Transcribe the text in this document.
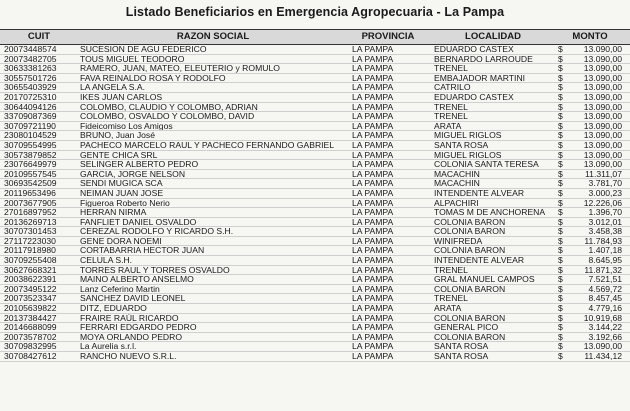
Listado Beneficiarios en Emergencia Agropecuaria - La Pampa
CUIT	RAZON SOCIAL	PROVINCIA	LOCALIDAD	MONTO
20073448574	SUCESION DE AGU FEDERICO	LA PAMPA	EDUARDO CASTEX	$ 13.090,00
20073482705	TOUS MIGUEL TEODORO	LA PAMPA	BERNARDO LARROUDE	$ 13.090,00
30633381263	RAMERO, JUAN, MATEO, ELEUTERIO y ROMULO	LA PAMPA	TRENEL	$ 13.090,00
30557501726	FAVA REINALDO ROSA Y RODOLFO	LA PAMPA	EMBAJADOR MARTINI	$ 13.090,00
30655403929	LA ANGELA S.A.	LA PAMPA	CATRILO	$ 13.090,00
20170725310	IKES JUAN CARLOS	LA PAMPA	EDUARDO CASTEX	$ 13.090,00
30644094126	COLOMBO, CLAUDIO Y COLOMBO, ADRIAN	LA PAMPA	TRENEL	$ 13.090,00
33709087369	COLOMBO, OSVALDO Y COLOMBO, DAVID	LA PAMPA	TRENEL	$ 13.090,00
30709721190	Fideicomiso Los Amigos	LA PAMPA	ARATA	$ 13.090,00
23080104529	BRUNO, Juan José	LA PAMPA	MIGUEL RIGLOS	$ 13.090,00
30709554995	PACHECO MARCELO RAUL Y PACHECO FERNANDO GABRIEL	LA PAMPA	SANTA ROSA	$ 13.090,00
30573879852	GENTE CHICA SRL	LA PAMPA	MIGUEL RIGLOS	$ 13.090,00
23076649979	SELINGER ALBERTO PEDRO	LA PAMPA	COLONIA SANTA TERESA	$ 13.090,00
20109557545	GARCIA, JORGE NELSON	LA PAMPA	MACACHIN	$	11.311,07
30693542509	SENDI MUGICA SCA	LA PAMPA	MACACHIN	$	3.781,70
20119653496	NEIMAN JUAN JOSE	LA PAMPA	INTENDENTE ALVEAR	$	3.000,23
20073677905	Figueroa Roberto Nerio	LA PAMPA	ALPACHIRI	$ 12.226,06
27016897952	HERRAN NIRMA	LA PAMPA	TOMAS M DE ANCHORENA	$	1.396,70
20136269713	FANFLIET DANIEL OSVALDO	LA PAMPA	COLONIA BARON	$	3.012,01
30707301453	CEREZAL RODOLFO Y RICARDO S.H.	LA PAMPA	COLONIA BARON	$	3.458,38
27117223030	GENE DORA NOEMI	LA PAMPA	WINIFREDA	$	11.784,93
20117918980	CORTABARRIA HECTOR JUAN	LA PAMPA	COLONIA BARON	$	1.407,18
30709255408	CELULA S.H.	LA PAMPA	INTENDENTE ALVEAR	$	8.645,95
30627668321	TORRES RAUL Y TORRES OSVALDO	LA PAMPA	TRENEL	$	11.871,32
20038622391	MAINO ALBERTO ANSELMO	LA PAMPA	GRAL MANUEL CAMPOS	$	7.521,51
20073495122	Lanz Ceferino Martin	LA PAMPA	COLONIA BARON	$	4.569,72
20073523347	SANCHEZ DAVID LEONEL	LA PAMPA	TRENEL	$	8.457,45
20105639822	DITZ, EDUARDO	LA PAMPA	ARATA	$	4.779,16
20137384427	FRAIRE RAÚL RICARDO	LA PAMPA	COLONIA BARON	$ 10.919,68
20146688099	FERRARI EDGARDO PEDRO	LA PAMPA	GENERAL PICO	$	3.144,22
20073578702	MOYA ORLANDO PEDRO	LA PAMPA	COLONIA BARON	$	3.192,66
30709832995	La Aurelia s.r.l.	LA PAMPA	SANTA ROSA	$ 13.090,00
30708427612	RANCHO NUEVO S.R.L.	LA PAMPA	SANTA ROSA	$	11.434,12
